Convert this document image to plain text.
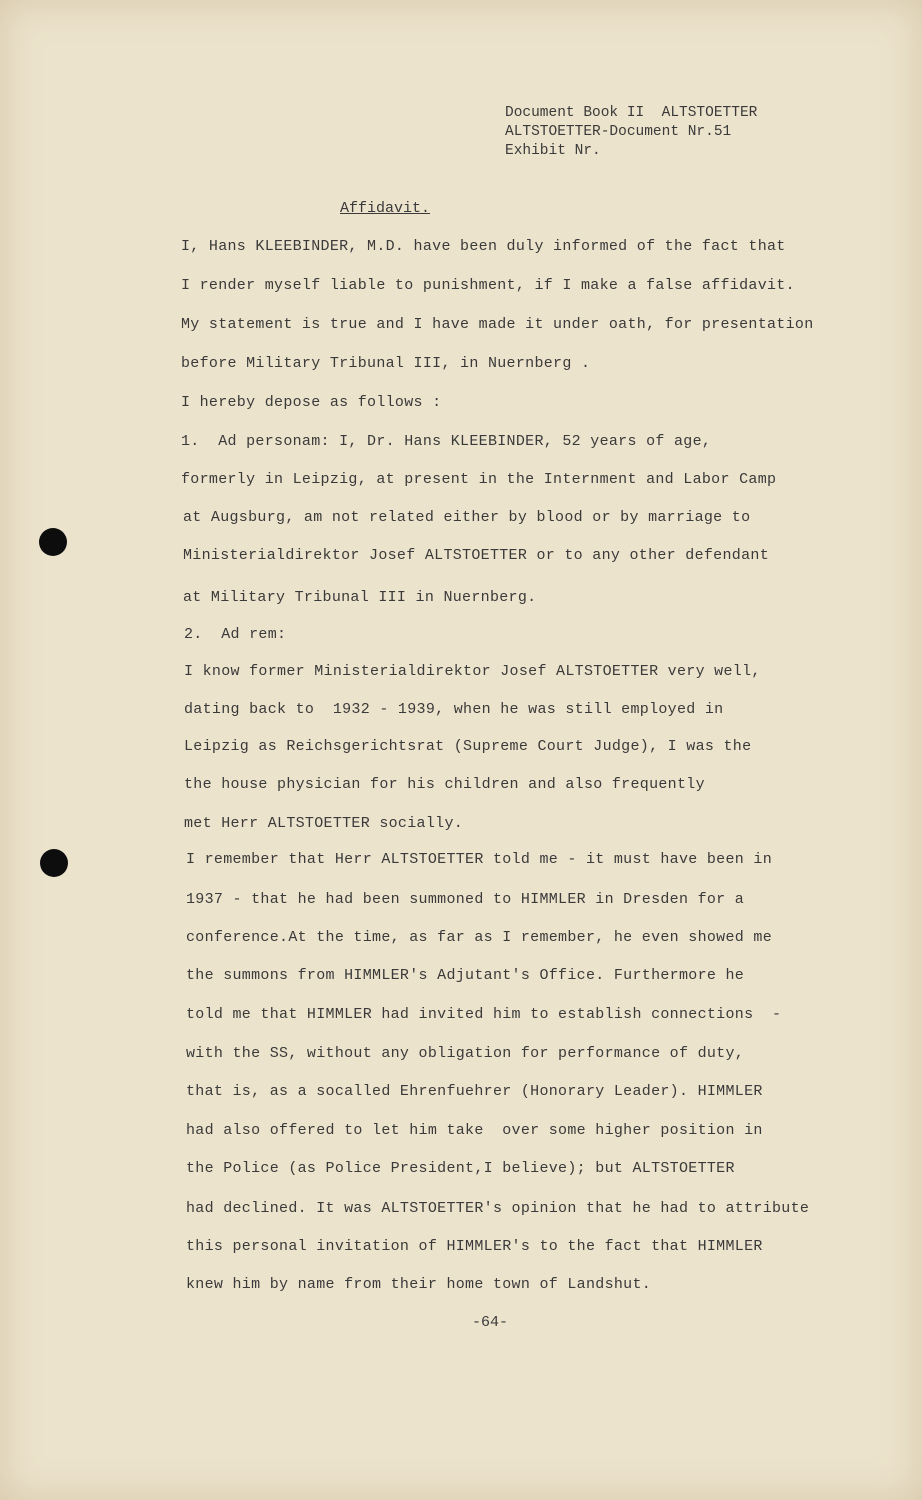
Document Book II  ALTSTOETTER
ALTSTOETTER-Document Nr.51
Exhibit Nr.
Affidavit.
I, Hans KLEEBINDER, M.D. have been duly informed of the fact that
I render myself liable to punishment, if I make a false affidavit.
My statement is true and I have made it under oath, for presentation
before Military Tribunal III, in Nuernberg .
I hereby depose as follows :
1.  Ad personam: I, Dr. Hans KLEEBINDER, 52 years of age,
formerly in Leipzig, at present in the Internment and Labor Camp
at Augsburg, am not related either by blood or by marriage to
Ministerialdirektor Josef ALTSTOETTER or to any other defendant
at Military Tribunal III in Nuernberg.
2.  Ad rem:
I know former Ministerialdirektor Josef ALTSTOETTER very well,
dating back to  1932 - 1939, when he was still employed in
Leipzig as Reichsgerichtsrat (Supreme Court Judge), I was the
the house physician for his children and also frequently
met Herr ALTSTOETTER socially.
I remember that Herr ALTSTOETTER told me - it must have been in
1937 - that he had been summoned to HIMMLER in Dresden for a
conference.At the time, as far as I remember, he even showed me
the summons from HIMMLER's Adjutant's Office. Furthermore he
told me that HIMMLER had invited him to establish connections  -
with the SS, without any obligation for performance of duty,
that is, as a socalled Ehrenfuehrer (Honorary Leader). HIMMLER
had also offered to let him take  over some higher position in
the Police (as Police President,I believe); but ALTSTOETTER
had declined. It was ALTSTOETTER's opinion that he had to attribute
this personal invitation of HIMMLER's to the fact that HIMMLER
knew him by name from their home town of Landshut.
-64-
